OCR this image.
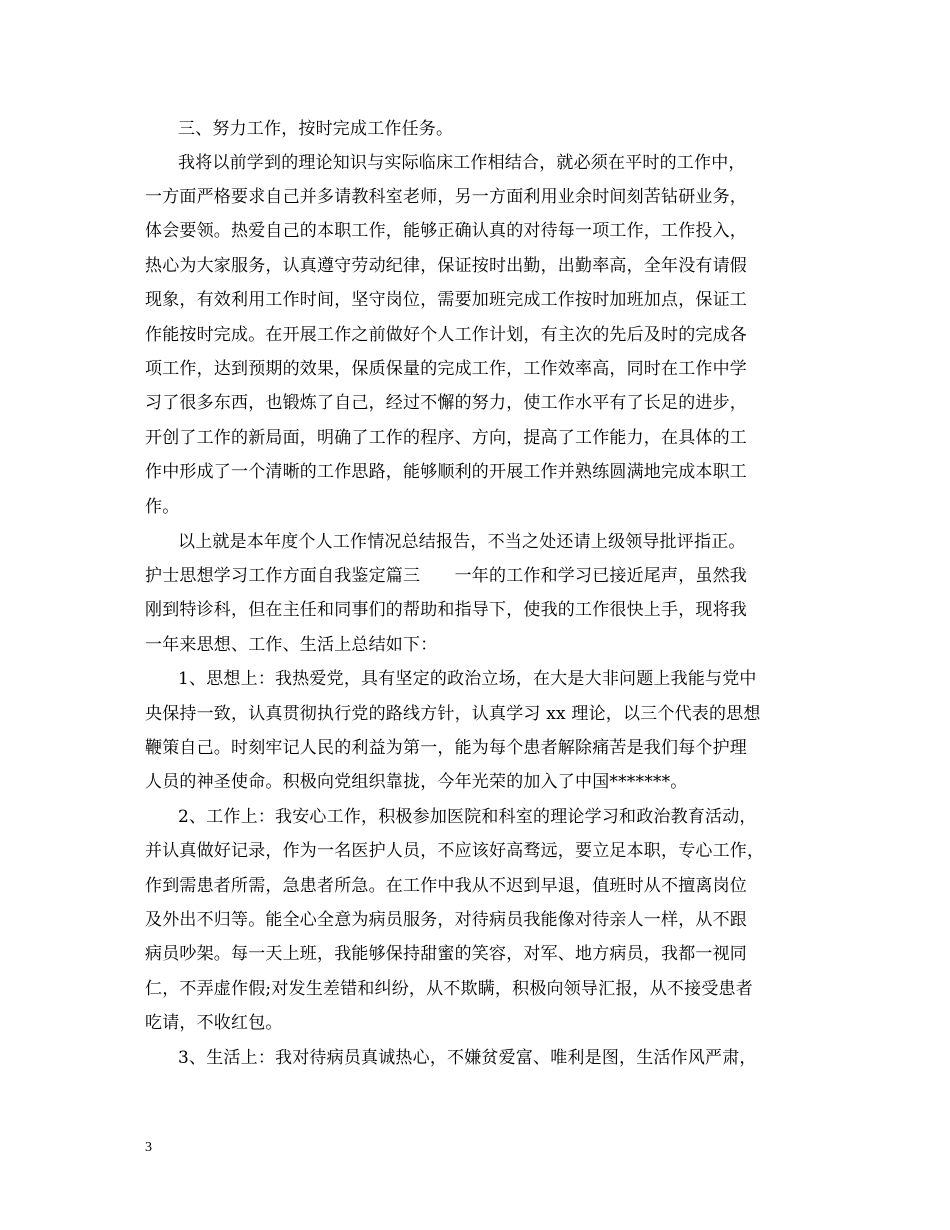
三、努力工作，按时完成工作任务。
我将以前学到的理论知识与实际临床工作相结合，就必须在平时的工作中，
一方面严格要求自己并多请教科室老师，另一方面利用业余时间刻苦钻研业务，
体会要领。热爱自己的本职工作，能够正确认真的对待每一项工作，工作投入，
热心为大家服务，认真遵守劳动纪律，保证按时出勤，出勤率高，全年没有请假
现象，有效利用工作时间，坚守岗位，需要加班完成工作按时加班加点，保证工
作能按时完成。在开展工作之前做好个人工作计划，有主次的先后及时的完成各
项工作，达到预期的效果，保质保量的完成工作，工作效率高，同时在工作中学
习了很多东西，也锻炼了自己，经过不懈的努力，使工作水平有了长足的进步，
开创了工作的新局面，明确了工作的程序、方向，提高了工作能力，在具体的工
作中形成了一个清晰的工作思路，能够顺利的开展工作并熟练圆满地完成本职工
作。
以上就是本年度个人工作情况总结报告，不当之处还请上级领导批评指正。
护士思想学习工作方面自我鉴定篇三　　一年的工作和学习已接近尾声，虽然我
刚到特诊科，但在主任和同事们的帮助和指导下，使我的工作很快上手，现将我
一年来思想、工作、生活上总结如下：
1、思想上：我热爱党，具有坚定的政治立场，在大是大非问题上我能与党中
央保持一致，认真贯彻执行党的路线方针，认真学习 xx 理论，以三个代表的思想
鞭策自己。时刻牢记人民的利益为第一，能为每个患者解除痛苦是我们每个护理
人员的神圣使命。积极向党组织靠拢，今年光荣的加入了中国*******。
2、工作上：我安心工作，积极参加医院和科室的理论学习和政治教育活动，
并认真做好记录，作为一名医护人员，不应该好高骛远，要立足本职，专心工作，
作到需患者所需，急患者所急。在工作中我从不迟到早退，值班时从不擅离岗位
及外出不归等。能全心全意为病员服务，对待病员我能像对待亲人一样，从不跟
病员吵架。每一天上班，我能够保持甜蜜的笑容，对军、地方病员，我都一视同
仁，不弄虚作假;对发生差错和纠纷，从不欺瞒，积极向领导汇报，从不接受患者
吃请，不收红包。
3、生活上：我对待病员真诚热心，不嫌贫爱富、唯利是图，生活作风严肃，
3
